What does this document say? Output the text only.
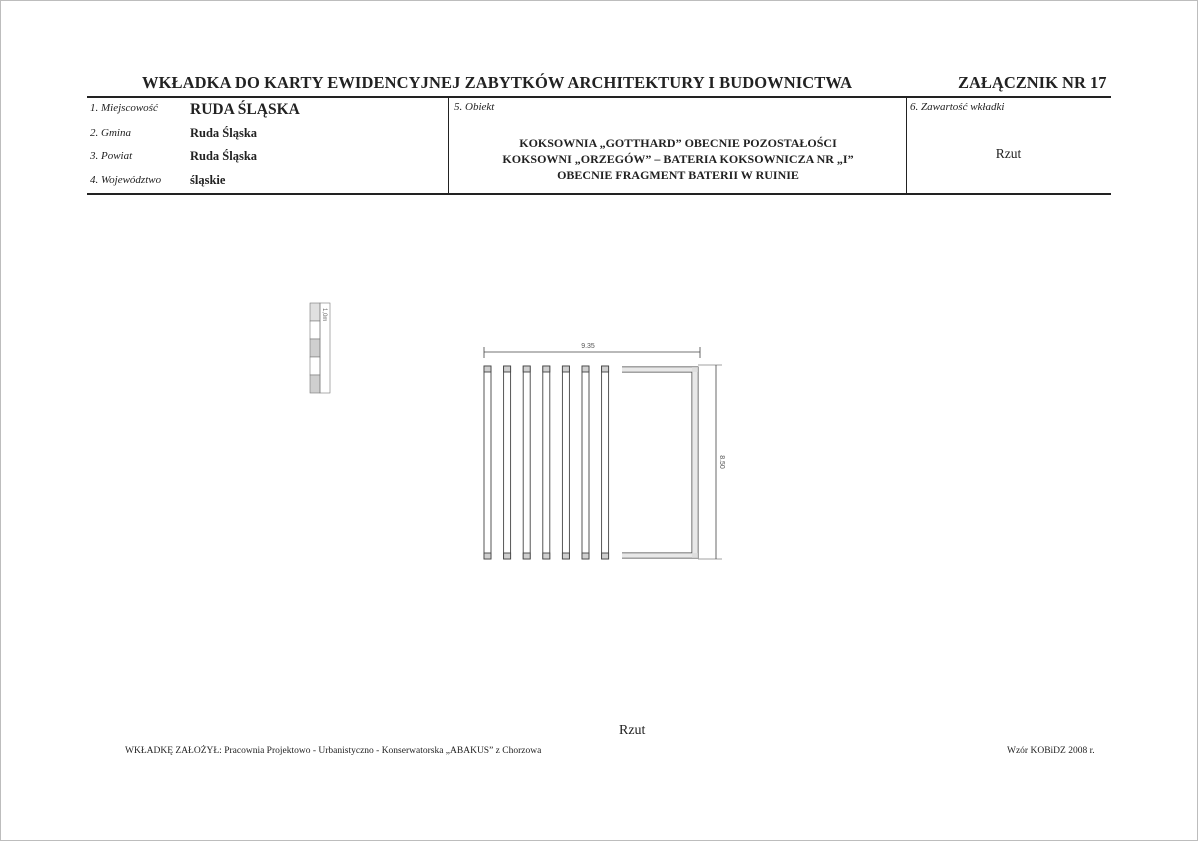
WKŁADKA DO KARTY EWIDENCYJNEJ ZABYTKÓW ARCHITEKTURY I BUDOWNICTWA	ZAŁĄCZNIK NR 17
1. Miejscowość RUDA ŚLĄSKA
2. Gmina	Ruda Śląska
3. Powiat	Ruda Śląska
4. Województwo śląskie
5. Obiekt
KOKSOWNIA „GOTTHARD” OBECNIE POZOSTAŁOŚCI
KOKSOWNI „ORZEGÓW” – BATERIA KOKSOWNICZA NR „I”
OBECNIE FRAGMENT BATERII W RUINIE
6. Zawartość wkładki
Rzut
1,0m
9.35
8.50
Rzut
WKŁADKĘ ZAŁOŻYŁ: Pracownia Projektowo - Urbanistyczno - Konserwatorska „ABAKUS” z Chorzowa	Wzór KOBiDZ 2008 r.
